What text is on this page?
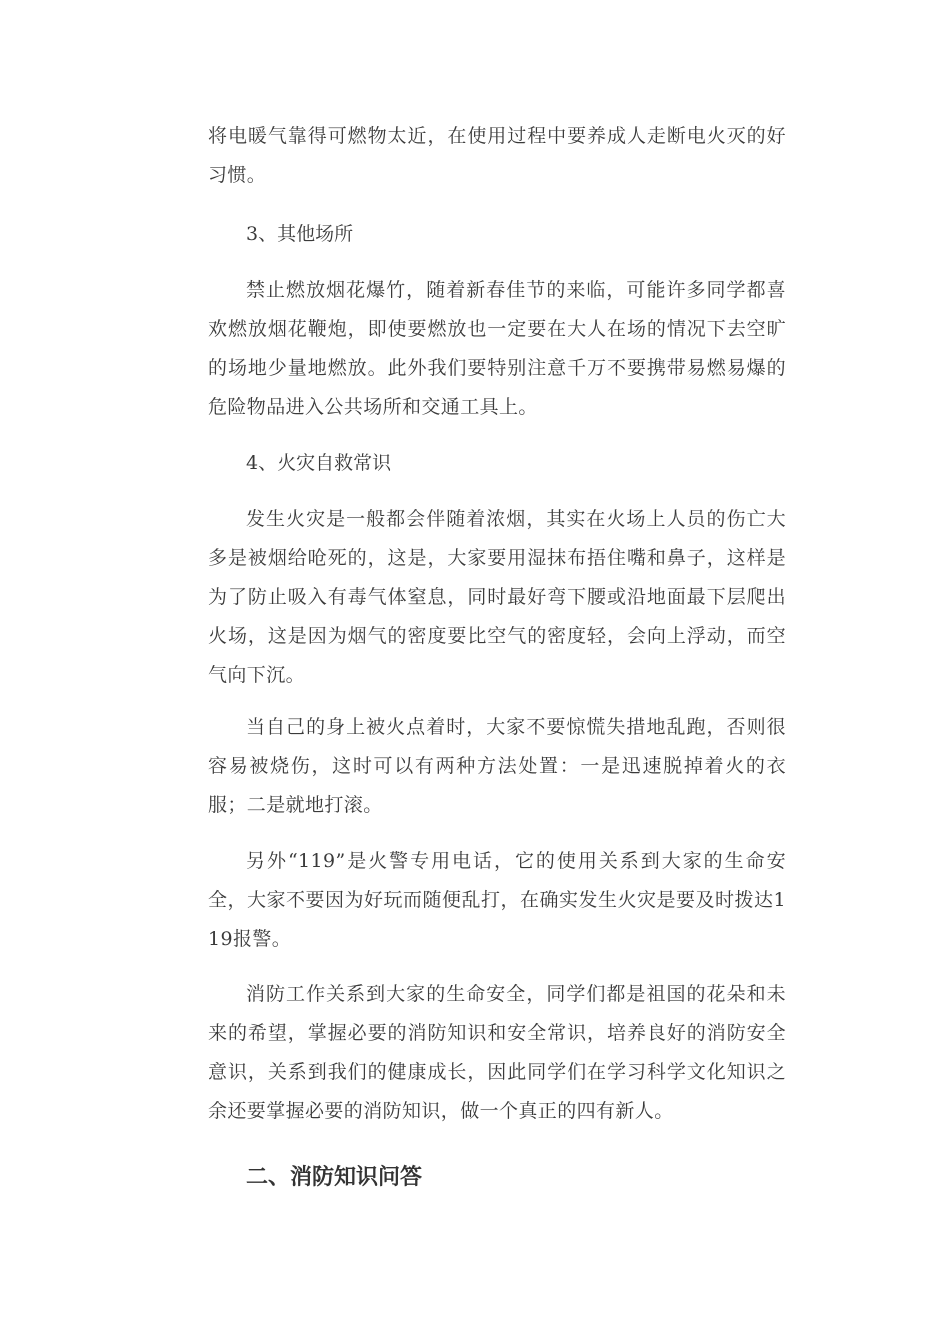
将电暖气靠得可燃物太近，在使用过程中要养成人走断电火灭的好习惯。

3、其他场所

禁止燃放烟花爆竹，随着新春佳节的来临，可能许多同学都喜欢燃放烟花鞭炮，即使要燃放也一定要在大人在场的情况下去空旷的场地少量地燃放。此外我们要特别注意千万不要携带易燃易爆的危险物品进入公共场所和交通工具上。

4、火灾自救常识

发生火灾是一般都会伴随着浓烟，其实在火场上人员的伤亡大多是被烟给呛死的，这是，大家要用湿抹布捂住嘴和鼻子，这样是为了防止吸入有毒气体窒息，同时最好弯下腰或沿地面最下层爬出火场，这是因为烟气的密度要比空气的密度轻，会向上浮动，而空气向下沉。

当自己的身上被火点着时，大家不要惊慌失措地乱跑，否则很容易被烧伤，这时可以有两种方法处置：一是迅速脱掉着火的衣服；二是就地打滚。

另外“119”是火警专用电话，它的使用关系到大家的生命安全，大家不要因为好玩而随便乱打，在确实发生火灾是要及时拨达119报警。

消防工作关系到大家的生命安全，同学们都是祖国的花朵和未来的希望，掌握必要的消防知识和安全常识，培养良好的消防安全意识，关系到我们的健康成长，因此同学们在学习科学文化知识之余还要掌握必要的消防知识，做一个真正的四有新人。

二、消防知识问答
